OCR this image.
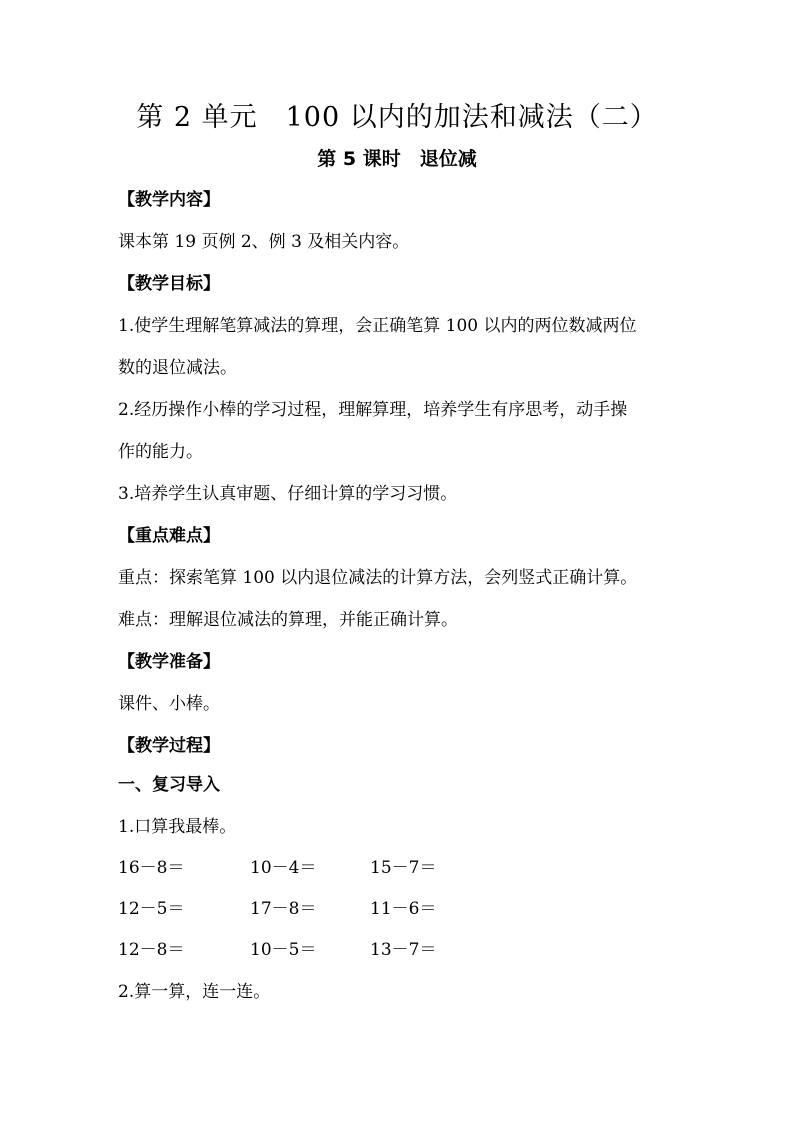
第 2 单元　100 以内的加法和减法（二）
第 5 课时　退位减
【教学内容】
课本第 19 页例 2、例 3 及相关内容。
【教学目标】
1.使学生理解笔算减法的算理，会正确笔算 100 以内的两位数减两位
数的退位减法。
2.经历操作小棒的学习过程，理解算理，培养学生有序思考，动手操
作的能力。
3.培养学生认真审题、仔细计算的学习习惯。
【重点难点】
重点：探索笔算 100 以内退位减法的计算方法，会列竖式正确计算。
难点：理解退位减法的算理，并能正确计算。
【教学准备】
课件、小棒。
【教学过程】
一、复习导入
1.口算我最棒。
16－8＝	10－4＝	15－7＝
12－5＝	17－8＝	11－6＝
12－8＝	10－5＝	13－7＝
2.算一算，连一连。
